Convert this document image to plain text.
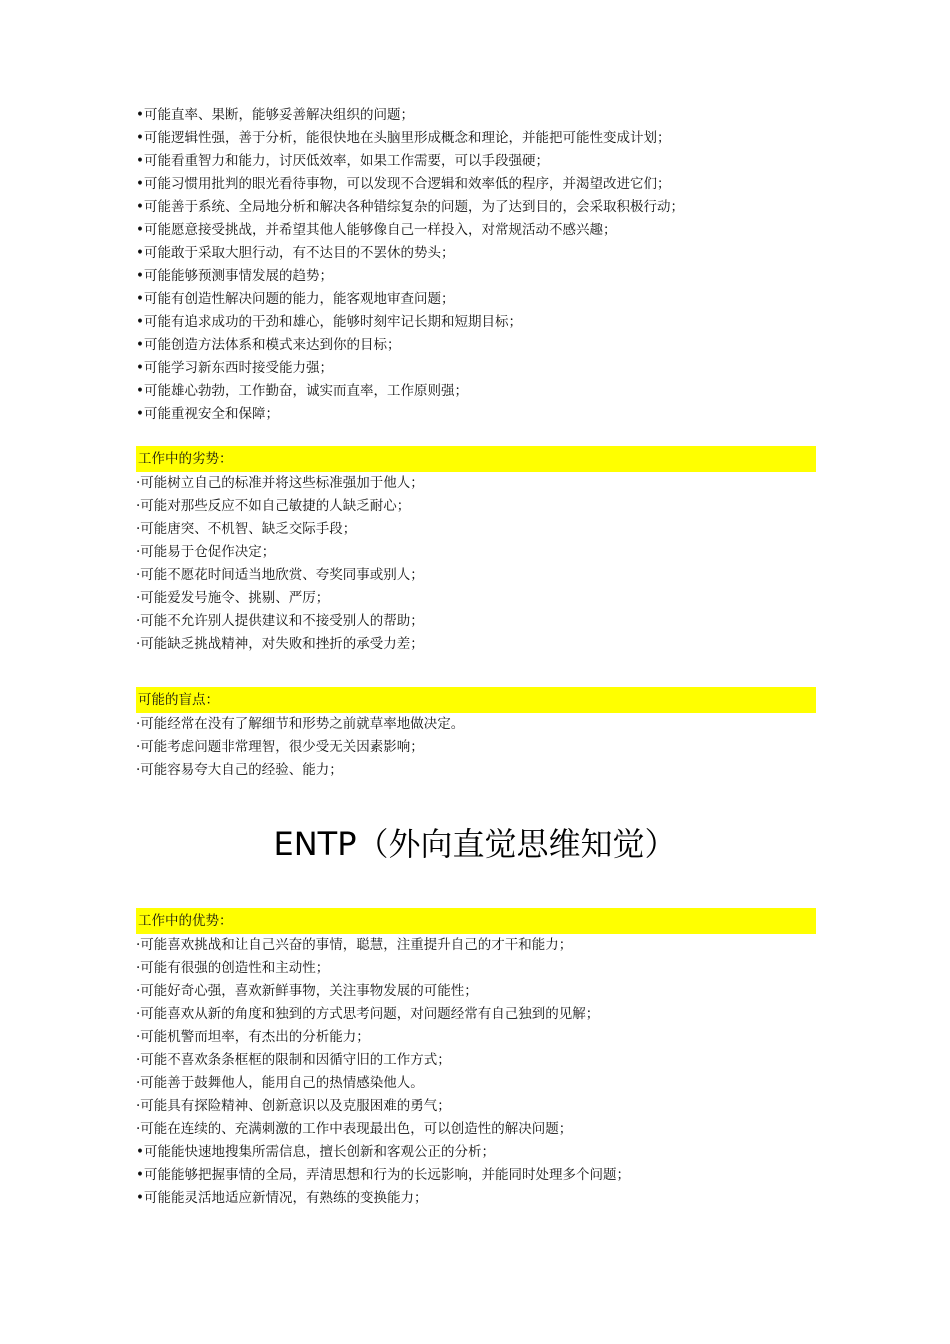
•可能直率、果断，能够妥善解决组织的问题；
•可能逻辑性强，善于分析，能很快地在头脑里形成概念和理论，并能把可能性变成计划；
•可能看重智力和能力，讨厌低效率，如果工作需要，可以手段强硬；
•可能习惯用批判的眼光看待事物，可以发现不合逻辑和效率低的程序，并渴望改进它们；
•可能善于系统、全局地分析和解决各种错综复杂的问题，为了达到目的，会采取积极行动；
•可能愿意接受挑战，并希望其他人能够像自己一样投入，对常规活动不感兴趣；
•可能敢于采取大胆行动，有不达目的不罢休的势头；
•可能能够预测事情发展的趋势；
•可能有创造性解决问题的能力，能客观地审查问题；
•可能有追求成功的干劲和雄心，能够时刻牢记长期和短期目标；
•可能创造方法体系和模式来达到你的目标；
•可能学习新东西时接受能力强；
•可能雄心勃勃，工作勤奋，诚实而直率，工作原则强；
•可能重视安全和保障；
工作中的劣势：
·可能树立自己的标准并将这些标准强加于他人；
·可能对那些反应不如自己敏捷的人缺乏耐心；
·可能唐突、不机智、缺乏交际手段；
·可能易于仓促作决定；
·可能不愿花时间适当地欣赏、夸奖同事或别人；
·可能爱发号施令、挑剔、严厉；
·可能不允许别人提供建议和不接受别人的帮助；
·可能缺乏挑战精神，对失败和挫折的承受力差；
可能的盲点：
·可能经常在没有了解细节和形势之前就草率地做决定。
·可能考虑问题非常理智，很少受无关因素影响；
·可能容易夸大自己的经验、能力；
ENTP（外向直觉思维知觉）
工作中的优势：
·可能喜欢挑战和让自己兴奋的事情，聪慧，注重提升自己的才干和能力；
·可能有很强的创造性和主动性；
·可能好奇心强，喜欢新鲜事物，关注事物发展的可能性；
·可能喜欢从新的角度和独到的方式思考问题，对问题经常有自己独到的见解；
·可能机警而坦率，有杰出的分析能力；
·可能不喜欢条条框框的限制和因循守旧的工作方式；
·可能善于鼓舞他人，能用自己的热情感染他人。
·可能具有探险精神、创新意识以及克服困难的勇气；
·可能在连续的、充满刺激的工作中表现最出色，可以创造性的解决问题；
•可能能快速地搜集所需信息，擅长创新和客观公正的分析；
•可能能够把握事情的全局，弄清思想和行为的长远影响，并能同时处理多个问题；
•可能能灵活地适应新情况，有熟练的变换能力；
